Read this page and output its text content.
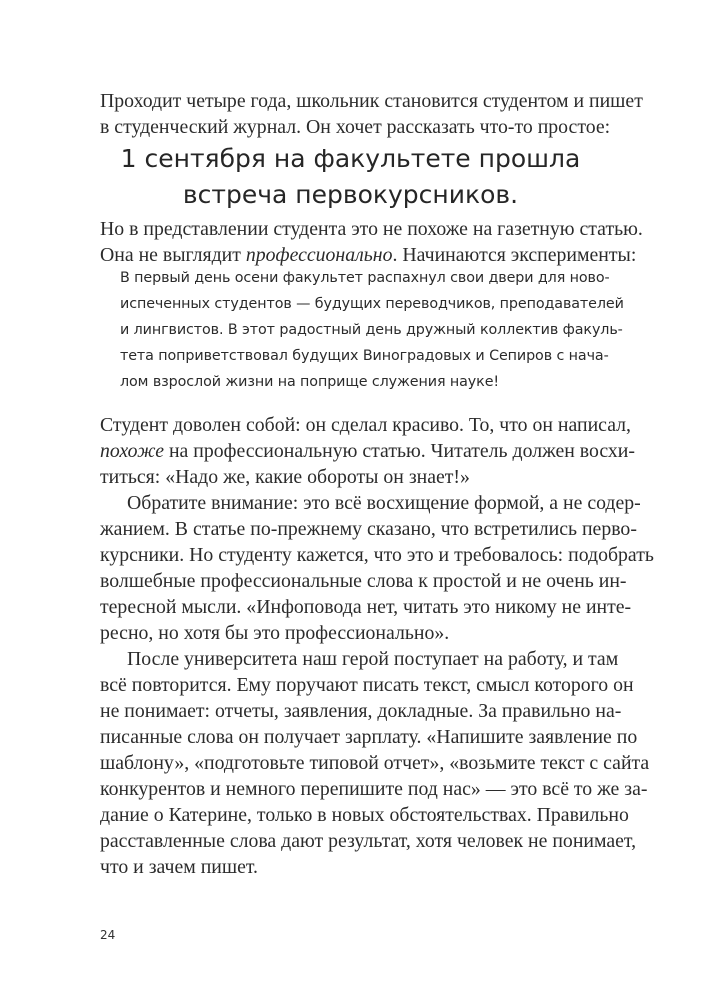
Проходит четыре года, школьник становится студентом и пишет

в студенческий журнал. Он хочет рассказать что-то простое:

1 сентября на факультете прошла

встреча первокурсников.

Но в представлении студента это не похоже на газетную статью.

Она не выглядит профессионально. Начинаются эксперименты:

В первый день осени факультет распахнул свои двери для ново-

испеченных студентов — будущих переводчиков, преподавателей

и лингвистов. В этот радостный день дружный коллектив факуль-

тета поприветствовал будущих Виноградовых и Сепиров с нача-

лом взрослой жизни на поприще служения науке!

Студент доволен собой: он сделал красиво. То, что он написал,

похоже на профессиональную статью. Читатель должен восхи-

титься: «Надо же, какие обороты он знает!»

Обратите внимание: это всё восхищение формой, а не содер-

жанием. В статье по-прежнему сказано, что встретились перво-

курсники. Но студенту кажется, что это и требовалось: подобрать

волшебные профессиональные слова к простой и не очень ин-

тересной мысли. «Инфоповода нет, читать это никому не инте-

ресно, но хотя бы это профессионально».

После университета наш герой поступает на работу, и там

всё повторится. Ему поручают писать текст, смысл которого он

не понимает: отчеты, заявления, докладные. За правильно на-

писанные слова он получает зарплату. «Напишите заявление по

шаблону», «подготовьте типовой отчет», «возьмите текст с сайта

конкурентов и немного перепишите под нас» — это всё то же за-

дание о Катерине, только в новых обстоятельствах. Правильно

расставленные слова дают результат, хотя человек не понимает,

что и зачем пишет.

24
